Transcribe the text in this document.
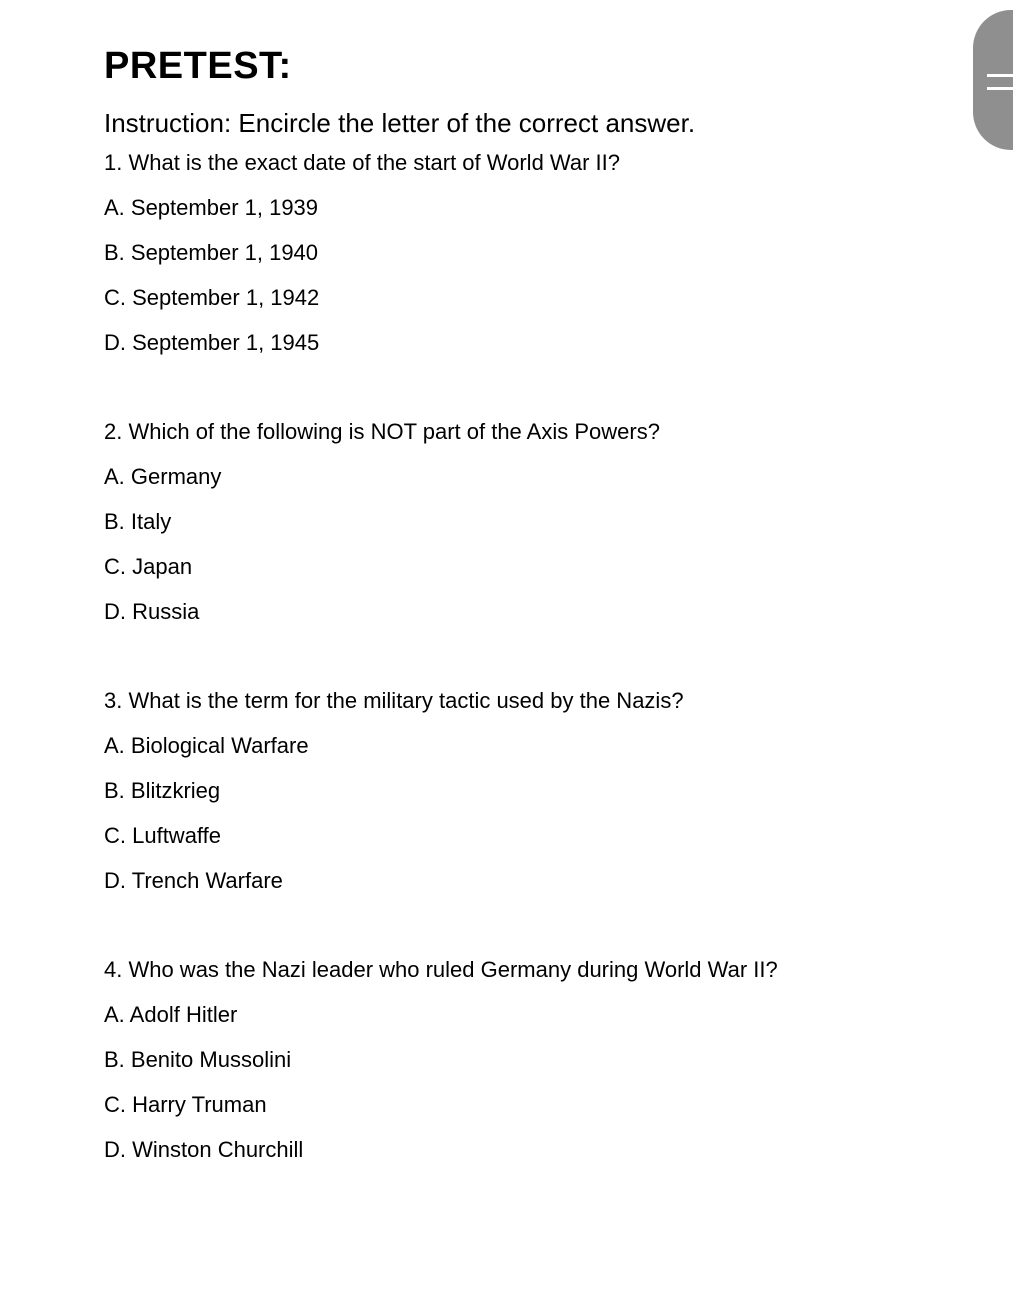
PRETEST:

Instruction: Encircle the letter of the correct answer.

1. What is the exact date of the start of World War II?

A. September 1, 1939

B. September 1, 1940

C. September 1, 1942

D. September 1, 1945

2. Which of the following is NOT part of the Axis Powers?

A. Germany

B. Italy

C. Japan

D. Russia

3. What is the term for the military tactic used by the Nazis?

A. Biological Warfare

B. Blitzkrieg

C. Luftwaffe

D. Trench Warfare

4. Who was the Nazi leader who ruled Germany during World War II?

A. Adolf Hitler

B. Benito Mussolini

C. Harry Truman

D. Winston Churchill
